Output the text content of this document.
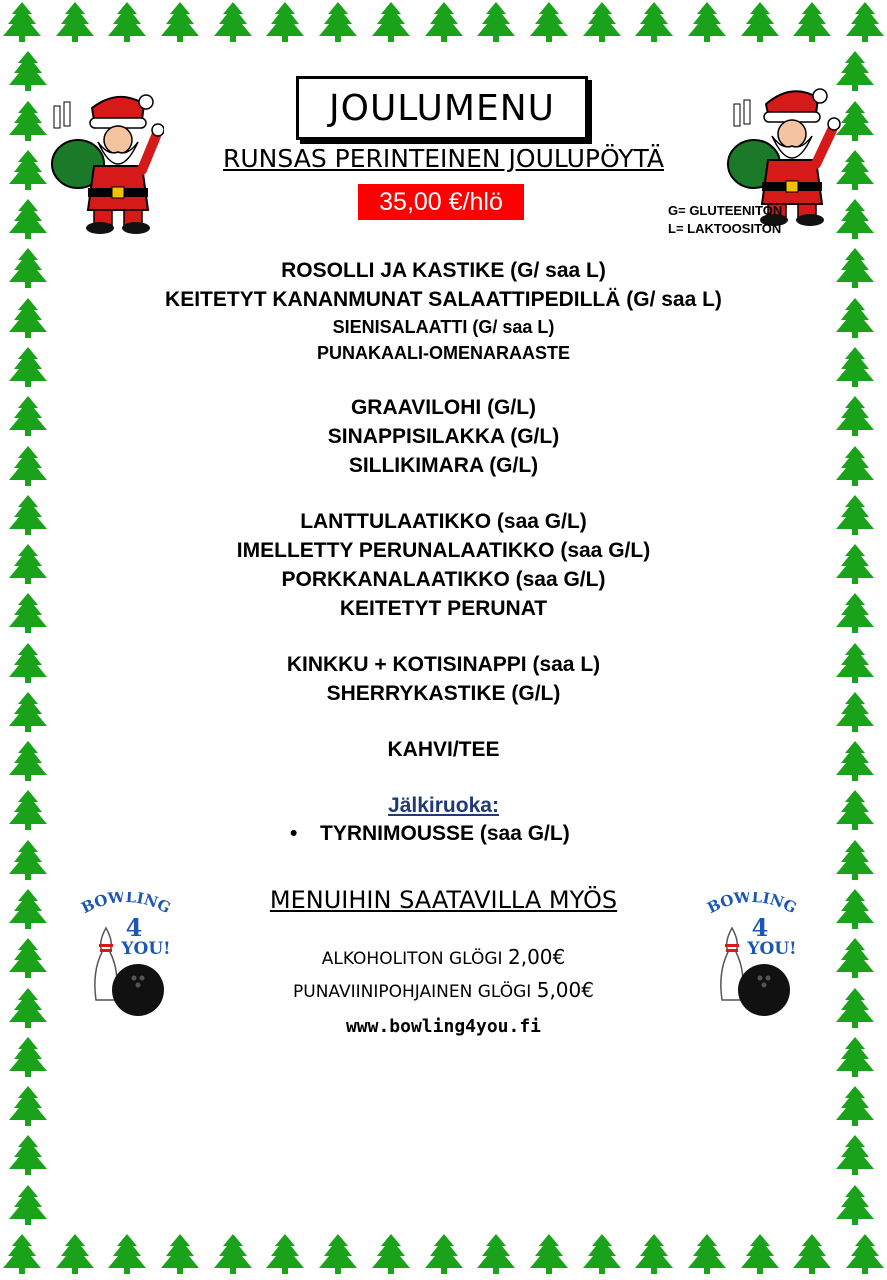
JOULUMENU
RUNSAS PERINTEINEN JOULUPÖYTÄ
35,00 €/hlö	G= GLUTEENITON
L= LAKTOOSITON
ROSOLLI JA KASTIKE (G/ saa L)
KEITETYT KANANMUNAT SALAATTIPEDILLÄ (G/ saa L)
SIENISALAATTI (G/ saa L)
PUNAKAALI-OMENARAASTE
GRAAVILOHI (G/L)
SINAPPISILAKKA (G/L)
SILLIKIMARA (G/L)
LANTTULAATIKKO (saa G/L)
IMELLETTY PERUNALAATIKKO (saa G/L)
PORKKANALAATIKKO (saa G/L)
KEITETYT PERUNAT
KINKKU + KOTISINAPPI (saa L)
SHERRYKASTIKE (G/L)
KAHVI/TEE
Jälkiruoka:
• TYRNIMOUSSE (saa G/L)
MENUIHIN SAATAVILLA MYÖS
ALKOHOLITON GLÖGI 2,00€
PUNAVIINIPOHJAINEN GLÖGI 5,00€
www.bowling4you.fi
BOWLING
4
YOU!
BOWLING
4
YOU!
